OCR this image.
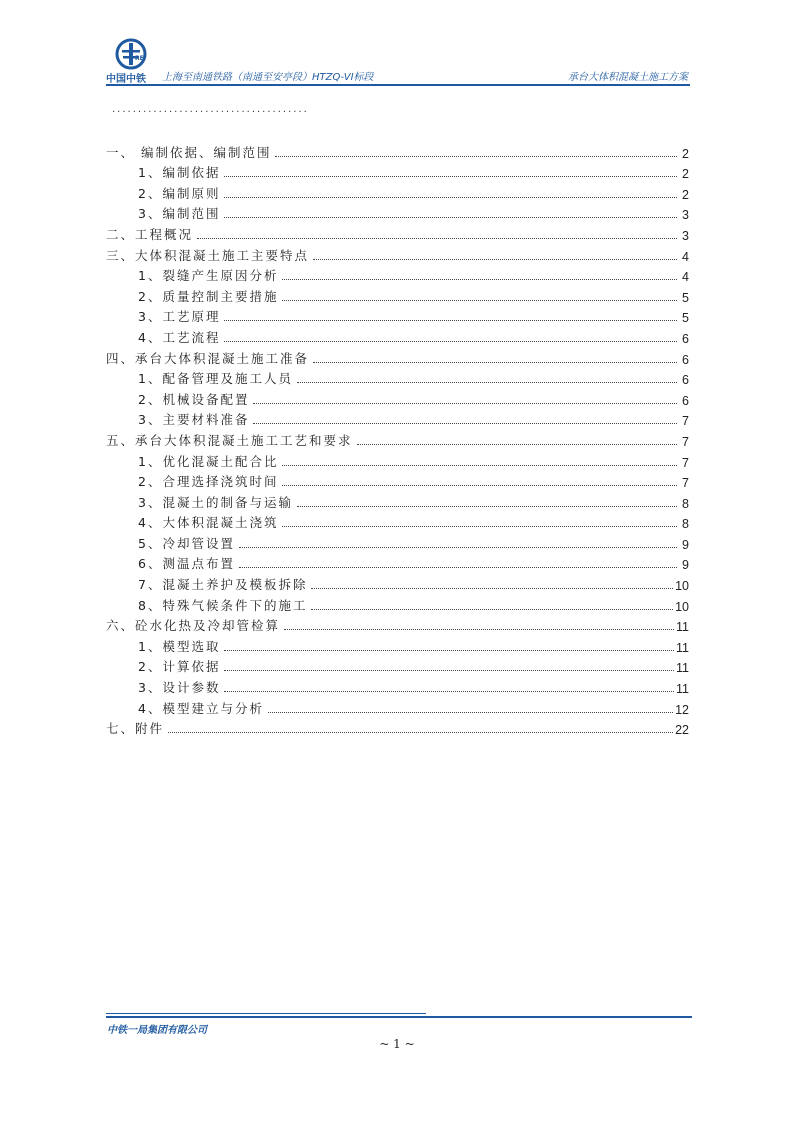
RE
中国中铁 上海至南通铁路（南通至安亭段）HTZQ-VI标段	承台大体积混凝土施工方案
......................................
一、 编制依据、编制范围	2
1、编制依据	2
2、编制原则	2
3、编制范围	3
二、工程概况	3
三、大体积混凝土施工主要特点	4
1、裂缝产生原因分析	4
2、质量控制主要措施	5
3、工艺原理	5
4、工艺流程	6
四、承台大体积混凝土施工准备	6
1、配备管理及施工人员	6
2、机械设备配置	6
3、主要材料准备	7
五、承台大体积混凝土施工工艺和要求	7
1、优化混凝土配合比	7
2、合理选择浇筑时间	7
3、混凝土的制备与运输	8
4、大体积混凝土浇筑	8
5、冷却管设置	9
6、测温点布置	9
7、混凝土养护及模板拆除	10
8、特殊气候条件下的施工	10
六、砼水化热及冷却管检算	11
1、模型选取	11
2、计算依据	11
3、设计参数	11
4、模型建立与分析	12
七、附件	22
中铁一局集团有限公司
~ 1 ~
